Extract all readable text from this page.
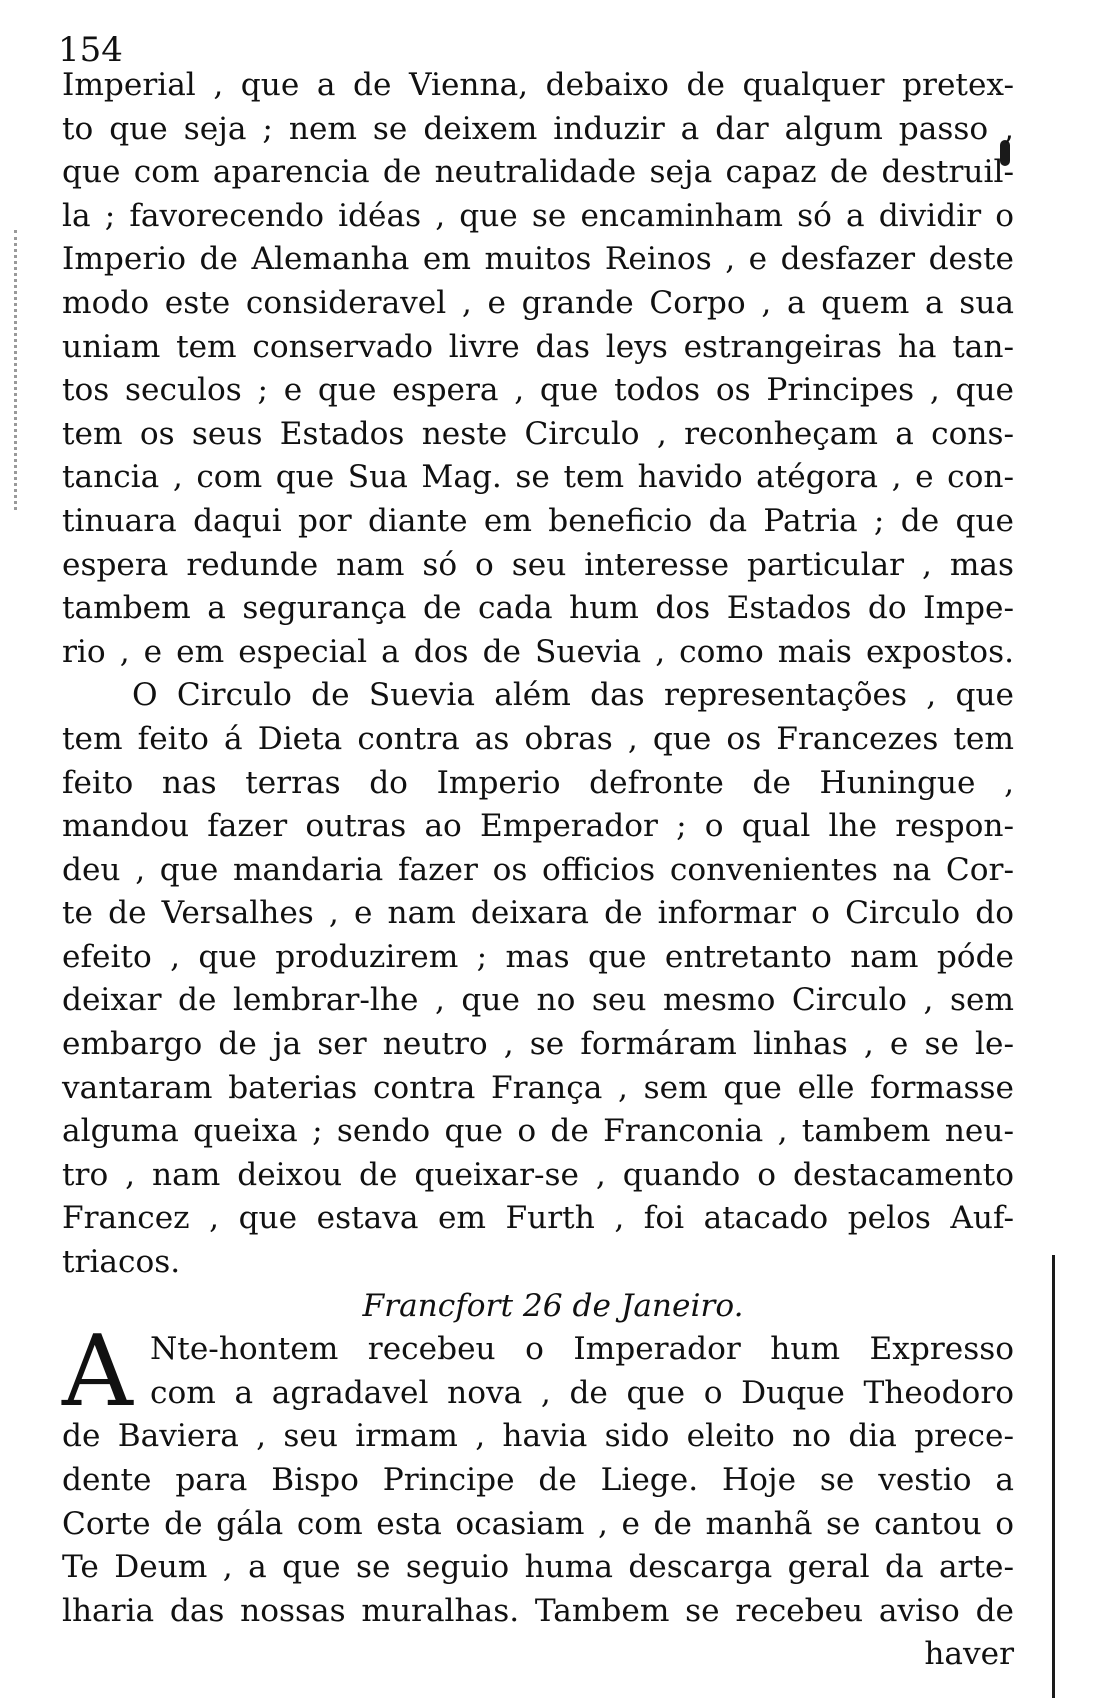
154
Imperial , que a de Vienna, debaixo de qualquer pretex-
to que seja ; nem se deixem induzir a dar algum passo ,
que com aparencia de neutralidade seja capaz de destruil-
la ; favorecendo idéas , que se encaminham só a dividir o
Imperio de Alemanha em muitos Reinos , e desfazer deste
modo este consideravel , e grande Corpo , a quem a sua
uniam tem conservado livre das leys estrangeiras ha tan-
tos seculos ; e que espera , que todos os Principes , que
tem os seus Estados neste Circulo , reconheçam a cons-
tancia , com que Sua Mag. se tem havido atégora , e con-
tinuara daqui por diante em beneficio da Patria ; de que
espera redunde nam só o seu interesse particular , mas
tambem a segurança de cada hum dos Estados do Impe-
rio , e em especial a dos de Suevia , como mais expostos.
O Circulo de Suevia além das representações , que
tem feito á Dieta contra as obras , que os Francezes tem
feito nas terras do Imperio defronte de Huningue ,
mandou fazer outras ao Emperador ; o qual lhe respon-
deu , que mandaria fazer os officios convenientes na Cor-
te de Versalhes , e nam deixara de informar o Circulo do
efeito , que produzirem ; mas que entretanto nam póde
deixar de lembrar-lhe , que no seu mesmo Circulo , sem
embargo de ja ser neutro , se formáram linhas , e se le-
vantaram baterias contra França , sem que elle formasse
alguma queixa ; sendo que o de Franconia , tambem neu-
tro , nam deixou de queixar-se , quando o destacamento
Francez , que estava em Furth , foi atacado pelos Auf-
triacos.
Francfort 26 de Janeiro.
A Nte-hontem recebeu o Imperador hum Expresso
com a agradavel nova , de que o Duque Theodoro
de Baviera , seu irmam , havia sido eleito no dia prece-
dente para Bispo Principe de Liege. Hoje se vestio a
Corte de gála com esta ocasiam , e de manhã se cantou o
Te Deum , a que se seguio huma descarga geral da arte-
lharia das nossas muralhas. Tambem se recebeu aviso de
haver
